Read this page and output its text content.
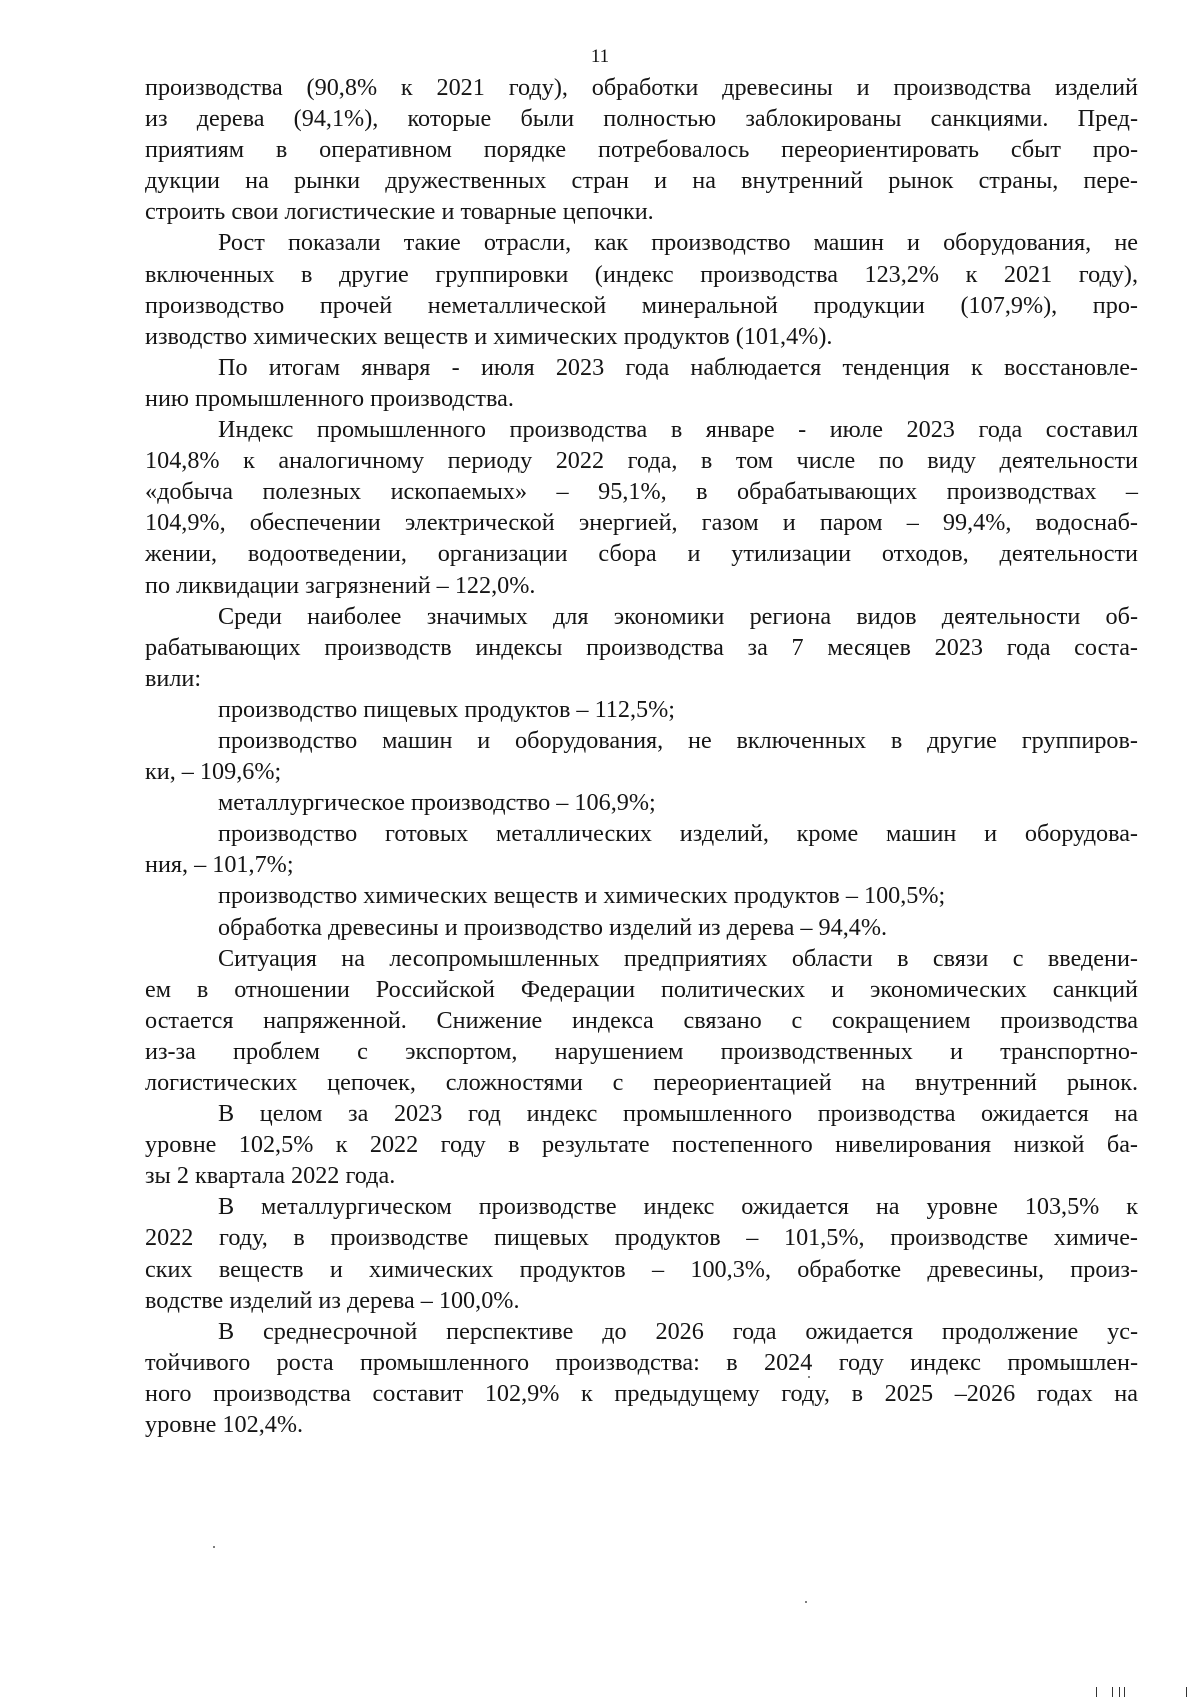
11
производства (90,8% к 2021 году), обработки древесины и производства изделий
из дерева (94,1%), которые были полностью заблокированы санкциями. Пред-
приятиям в оперативном порядке потребовалось переориентировать сбыт про-
дукции на рынки дружественных стран и на внутренний рынок страны, пере-
строить свои логистические и товарные цепочки.
Рост показали такие отрасли, как производство машин и оборудования, не
включенных в другие группировки (индекс производства 123,2% к 2021 году),
производство прочей неметаллической минеральной продукции (107,9%), про-
изводство химических веществ и химических продуктов (101,4%).
По итогам января - июля 2023 года наблюдается тенденция к восстановле-
нию промышленного производства.
Индекс промышленного производства в январе - июле 2023 года составил
104,8% к аналогичному периоду 2022 года, в том числе по виду деятельности
«добыча полезных ископаемых» – 95,1%, в обрабатывающих производствах –
104,9%, обеспечении электрической энергией, газом и паром – 99,4%, водоснаб-
жении, водоотведении, организации сбора и утилизации отходов, деятельности
по ликвидации загрязнений – 122,0%.
Среди наиболее значимых для экономики региона видов деятельности об-
рабатывающих производств индексы производства за 7 месяцев 2023 года соста-
вили:
производство пищевых продуктов – 112,5%;
производство машин и оборудования, не включенных в другие группиров-
ки, – 109,6%;
металлургическое производство – 106,9%;
производство готовых металлических изделий, кроме машин и оборудова-
ния, – 101,7%;
производство химических веществ и химических продуктов – 100,5%;
обработка древесины и производство изделий из дерева – 94,4%.
Ситуация на лесопромышленных предприятиях области в связи с введени-
ем в отношении Российской Федерации политических и экономических санкций
остается напряженной. Снижение индекса связано с сокращением производства
из-за проблем с экспортом, нарушением производственных и транспортно-
логистических цепочек, сложностями с переориентацией на внутренний рынок.
В целом за 2023 год индекс промышленного производства ожидается на
уровне 102,5% к 2022 году в результате постепенного нивелирования низкой ба-
зы 2 квартала 2022 года.
В металлургическом производстве индекс ожидается на уровне 103,5% к
2022 году, в производстве пищевых продуктов – 101,5%, производстве химиче-
ских веществ и химических продуктов – 100,3%, обработке древесины, произ-
водстве изделий из дерева – 100,0%.
В среднесрочной перспективе до 2026 года ожидается продолжение ус-
тойчивого роста промышленного производства: в 2024 году индекс промышлен-
ного производства составит 102,9% к предыдущему году, в 2025 –2026 годах на
уровне 102,4%.
